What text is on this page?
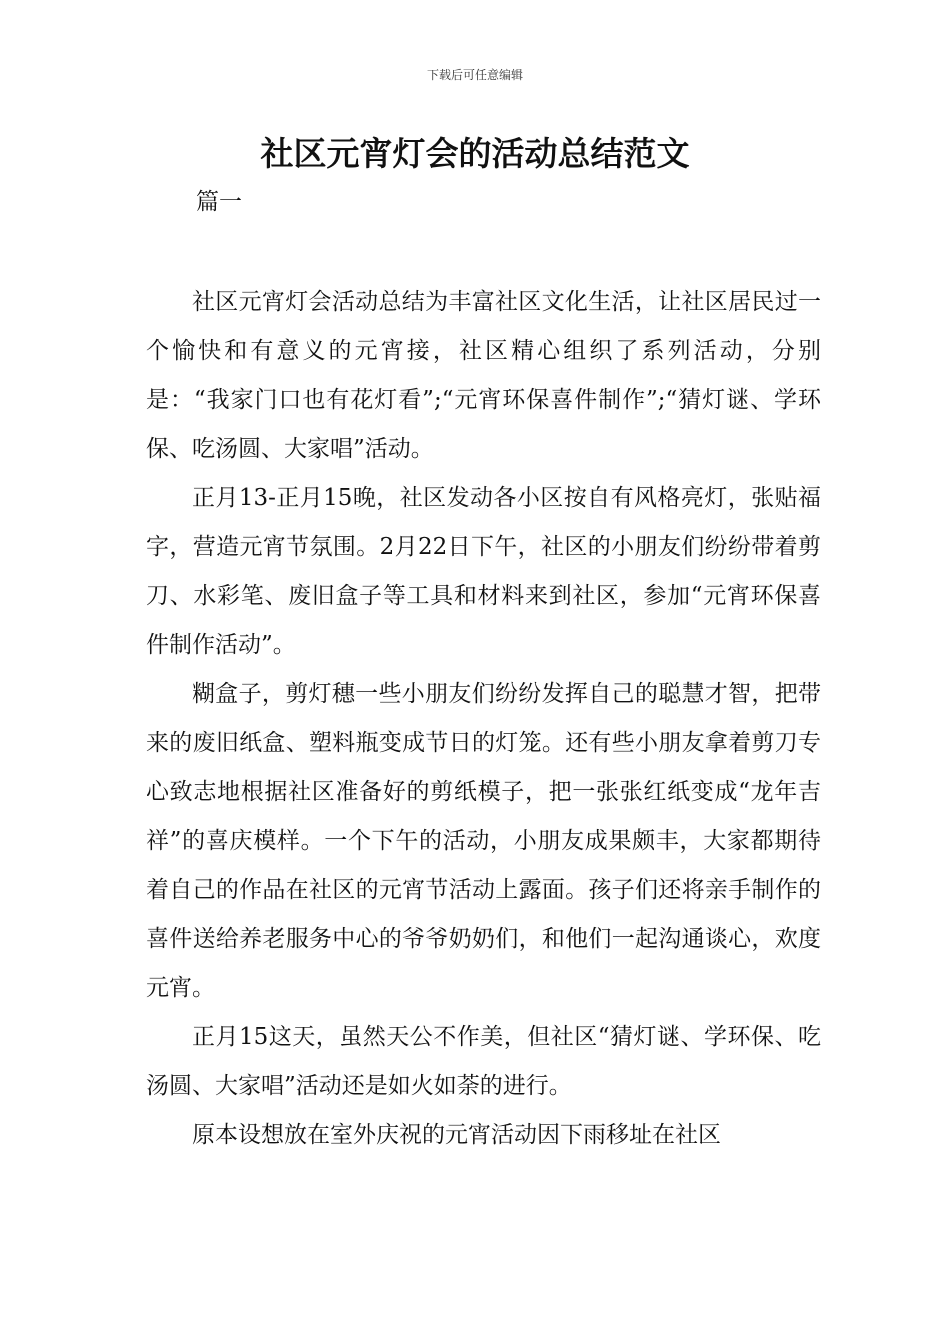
下载后可任意编辑
社区元宵灯会的活动总结范文
篇一

社区元宵灯会活动总结为丰富社区文化生活，让社区居民过一个愉快和有意义的元宵接，社区精心组织了系列活动，分别是：“我家门口也有花灯看”;“元宵环保喜件制作”;“猜灯谜、学环保、吃汤圆、大家唱”活动。

正月13-正月15晚，社区发动各小区按自有风格亮灯，张贴福字，营造元宵节氛围。2月22日下午，社区的小朋友们纷纷带着剪刀、水彩笔、废旧盒子等工具和材料来到社区，参加“元宵环保喜件制作活动”。

糊盒子，剪灯穗一些小朋友们纷纷发挥自己的聪慧才智，把带来的废旧纸盒、塑料瓶变成节日的灯笼。还有些小朋友拿着剪刀专心致志地根据社区准备好的剪纸模子，把一张张红纸变成“龙年吉祥”的喜庆模样。一个下午的活动，小朋友成果颇丰，大家都期待着自己的作品在社区的元宵节活动上露面。孩子们还将亲手制作的喜件送给养老服务中心的爷爷奶奶们，和他们一起沟通谈心，欢度元宵。

正月15这天，虽然天公不作美，但社区“猜灯谜、学环保、吃汤圆、大家唱”活动还是如火如荼的进行。

原本设想放在室外庆祝的元宵活动因下雨移址在社区
